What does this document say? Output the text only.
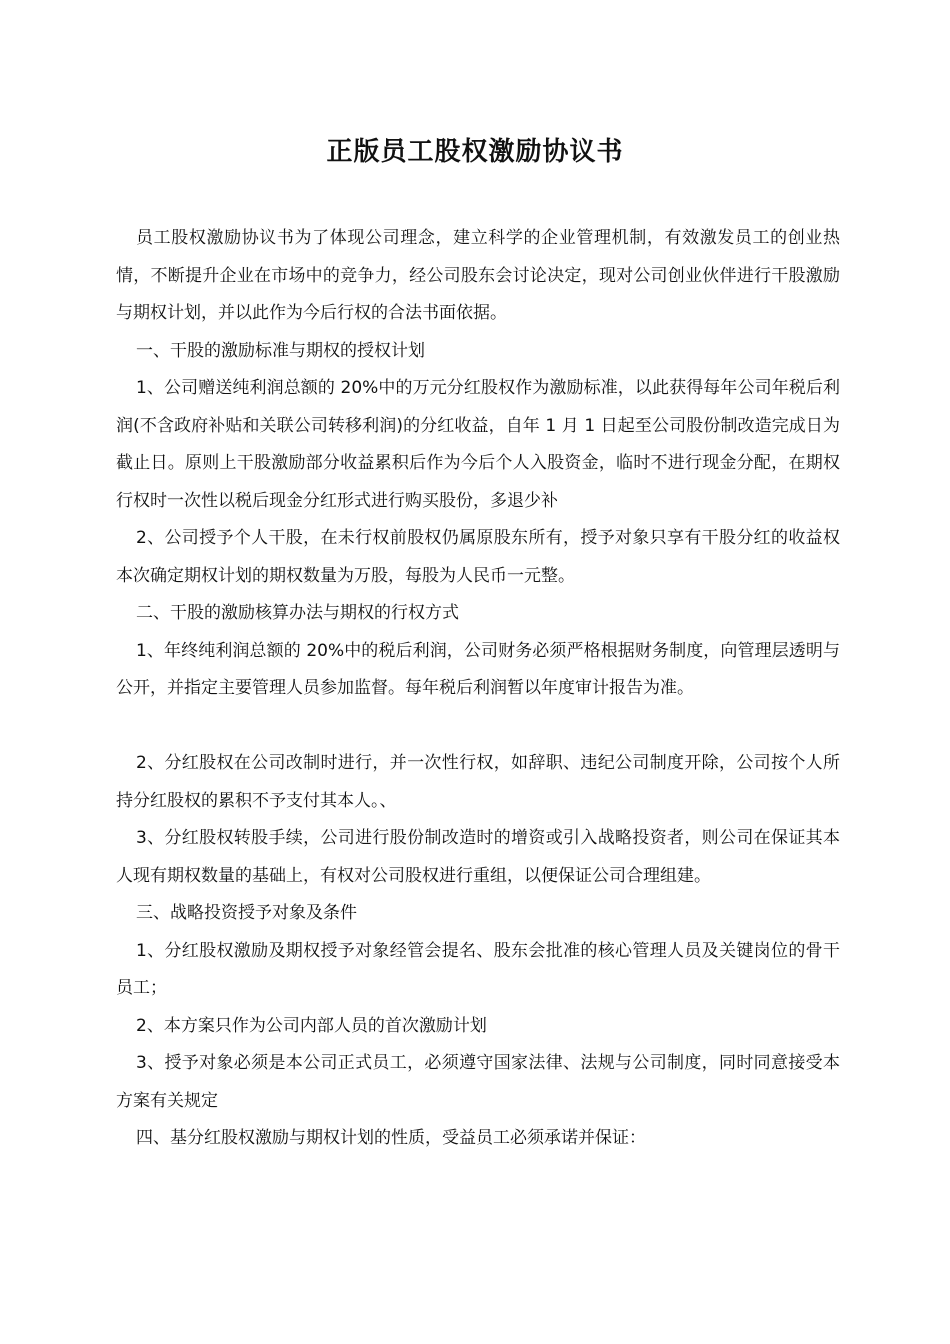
正版员工股权激励协议书

员工股权激励协议书为了体现公司理念，建立科学的企业管理机制，有效激发员工的创业热情，不断提升企业在市场中的竞争力，经公司股东会讨论决定，现对公司创业伙伴进行干股激励与期权计划，并以此作为今后行权的合法书面依据。

一、干股的激励标准与期权的授权计划

1、公司赠送纯利润总额的 20%中的万元分红股权作为激励标准，以此获得每年公司年税后利润(不含政府补贴和关联公司转移利润)的分红收益，自年 1 月 1 日起至公司股份制改造完成日为截止日。原则上干股激励部分收益累积后作为今后个人入股资金，临时不进行现金分配，在期权行权时一次性以税后现金分红形式进行购买股份，多退少补

2、公司授予个人干股，在未行权前股权仍属原股东所有，授予对象只享有干股分红的收益权本次确定期权计划的期权数量为万股，每股为人民币一元整。

二、干股的激励核算办法与期权的行权方式

1、年终纯利润总额的 20%中的税后利润，公司财务必须严格根据财务制度，向管理层透明与公开，并指定主要管理人员参加监督。每年税后利润暂以年度审计报告为准。

2、分红股权在公司改制时进行，并一次性行权，如辞职、违纪公司制度开除，公司按个人所持分红股权的累积不予支付其本人。、

3、分红股权转股手续，公司进行股份制改造时的增资或引入战略投资者，则公司在保证其本人现有期权数量的基础上，有权对公司股权进行重组，以便保证公司合理组建。

三、战略投资授予对象及条件

1、分红股权激励及期权授予对象经管会提名、股东会批准的核心管理人员及关键岗位的骨干员工；

2、本方案只作为公司内部人员的首次激励计划

3、授予对象必须是本公司正式员工，必须遵守国家法律、法规与公司制度，同时同意接受本方案有关规定

四、基分红股权激励与期权计划的性质，受益员工必须承诺并保证：
